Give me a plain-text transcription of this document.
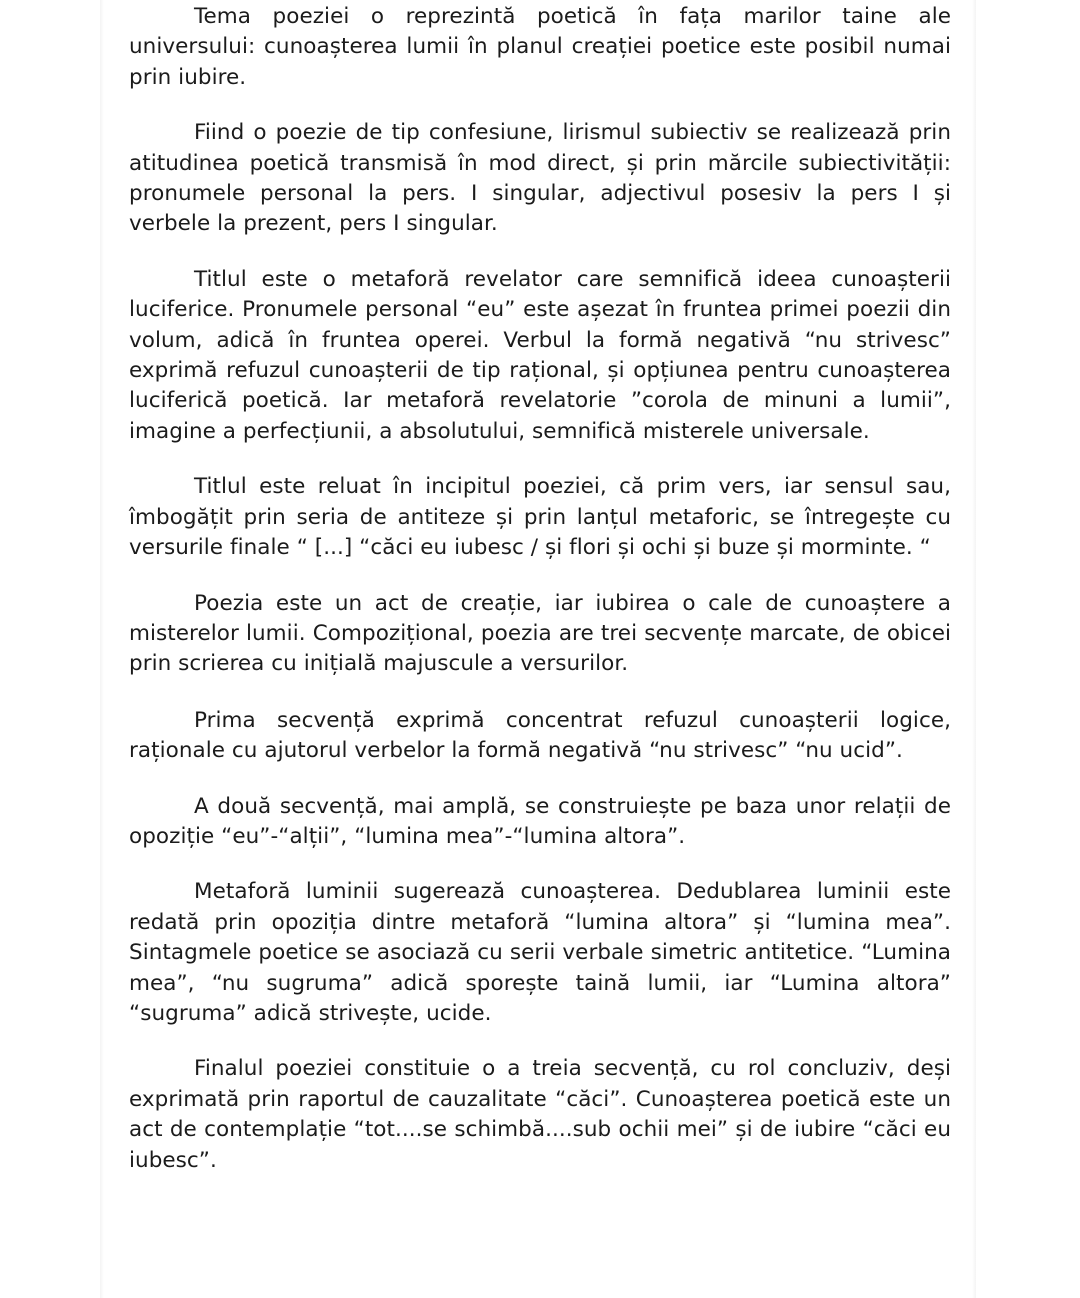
Tema poeziei o reprezintă poetică în fața marilor taine ale universului: cunoașterea lumii în planul creației poetice este posibil numai prin iubire.

Fiind o poezie de tip confesiune, lirismul subiectiv se realizează prin atitudinea poetică transmisă în mod direct, și prin mărcile subiectivității: pronumele personal la pers. I singular, adjectivul posesiv la pers I și verbele la prezent, pers I singular.

Titlul este o metaforă revelator care semnifică ideea cunoașterii luciferice. Pronumele personal “eu” este așezat în fruntea primei poezii din volum, adică în fruntea operei. Verbul la formă negativă “nu strivesc” exprimă refuzul cunoașterii de tip rațional, și opțiunea pentru cunoașterea luciferică poetică. Iar metaforă revelatorie ”corola de minuni a lumii”, imagine a perfecțiunii, a absolutului, semnifică misterele universale.

Titlul este reluat în incipitul poeziei, că prim vers, iar sensul sau, îmbogățit prin seria de antiteze și prin lanțul metaforic, se întregește cu versurile finale “ [...] “căci eu iubesc / și flori și ochi și buze și morminte. “

Poezia este un act de creație, iar iubirea o cale de cunoaștere a misterelor lumii. Compozițional, poezia are trei secvențe marcate, de obicei prin scrierea cu inițială majuscule a versurilor.

Prima secvență exprimă concentrat refuzul cunoașterii logice, raționale cu ajutorul verbelor la formă negativă “nu strivesc” “nu ucid”.

A două secvență, mai amplă, se construiește pe baza unor relații de opoziție “eu”-“alții”, “lumina mea”-“lumina altora”.

Metaforă luminii sugerează cunoașterea. Dedublarea luminii este redată prin opoziția dintre metaforă “lumina altora” și “lumina mea”. Sintagmele poetice se asociază cu serii verbale simetric antitetice. “Lumina mea”, “nu sugruma” adică sporește taină lumii, iar “Lumina altora” “sugruma” adică strivește, ucide.

Finalul poeziei constituie o a treia secvență, cu rol concluziv, deși exprimată prin raportul de cauzalitate “căci”. Cunoașterea poetică este un act de contemplație “tot....se schimbă....sub ochii mei” și de iubire “căci eu iubesc”.
